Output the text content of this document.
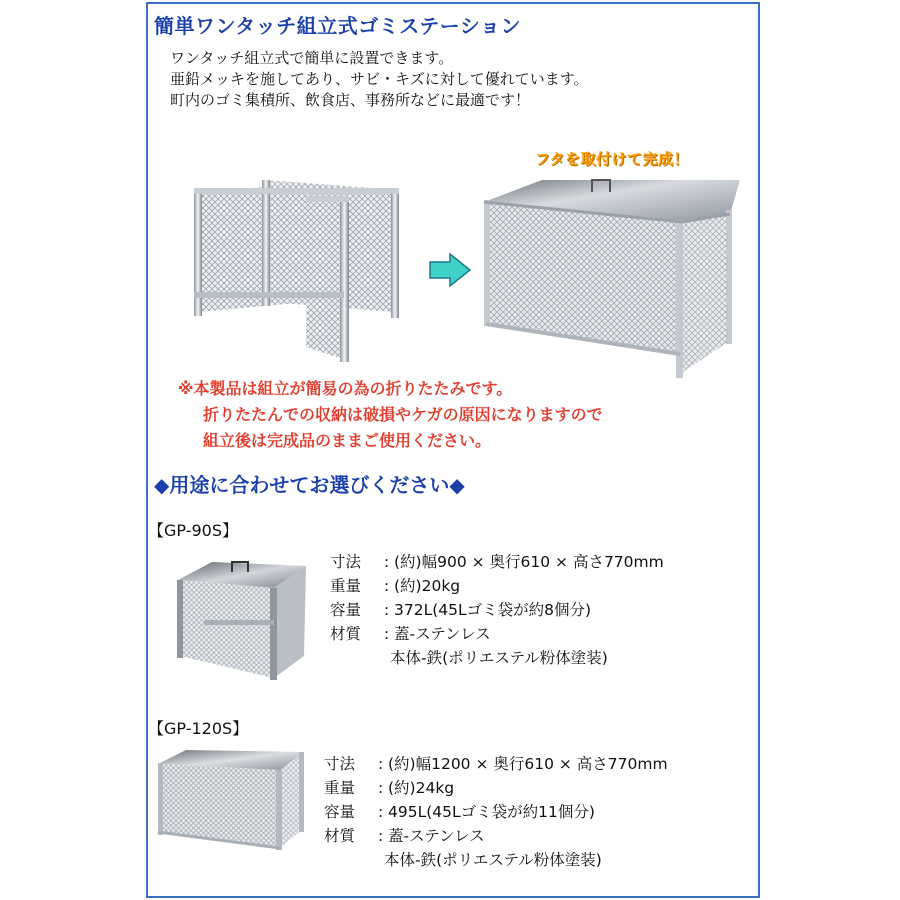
簡単ワンタッチ組立式ゴミステーション
ワンタッチ組立式で簡単に設置できます。
亜鉛メッキを施してあり、サビ・キズに対して優れています。
町内のゴミ集積所、飲食店、事務所などに最適です！
フタを取付けて完成！
※本製品は組立が簡易の為の折りたたみです。
折りたたんでの収納は破損やケガの原因になりますので
組立後は完成品のままご使用ください。
◆用途に合わせてお選びください◆
【GP-90S】
寸法	: (約)幅900 × 奥行610 × 高さ770mm
重量	: (約)20kg
容量	: 372L(45Lゴミ袋が約8個分)
材質	: 蓋-ステンレス
本体-鉄(ポリエステル粉体塗装)
【GP-120S】
寸法	: (約)幅1200 × 奥行610 × 高さ770mm
重量	: (約)24kg
容量	: 495L(45Lゴミ袋が約11個分)
材質	: 蓋-ステンレス
本体-鉄(ポリエステル粉体塗装)
